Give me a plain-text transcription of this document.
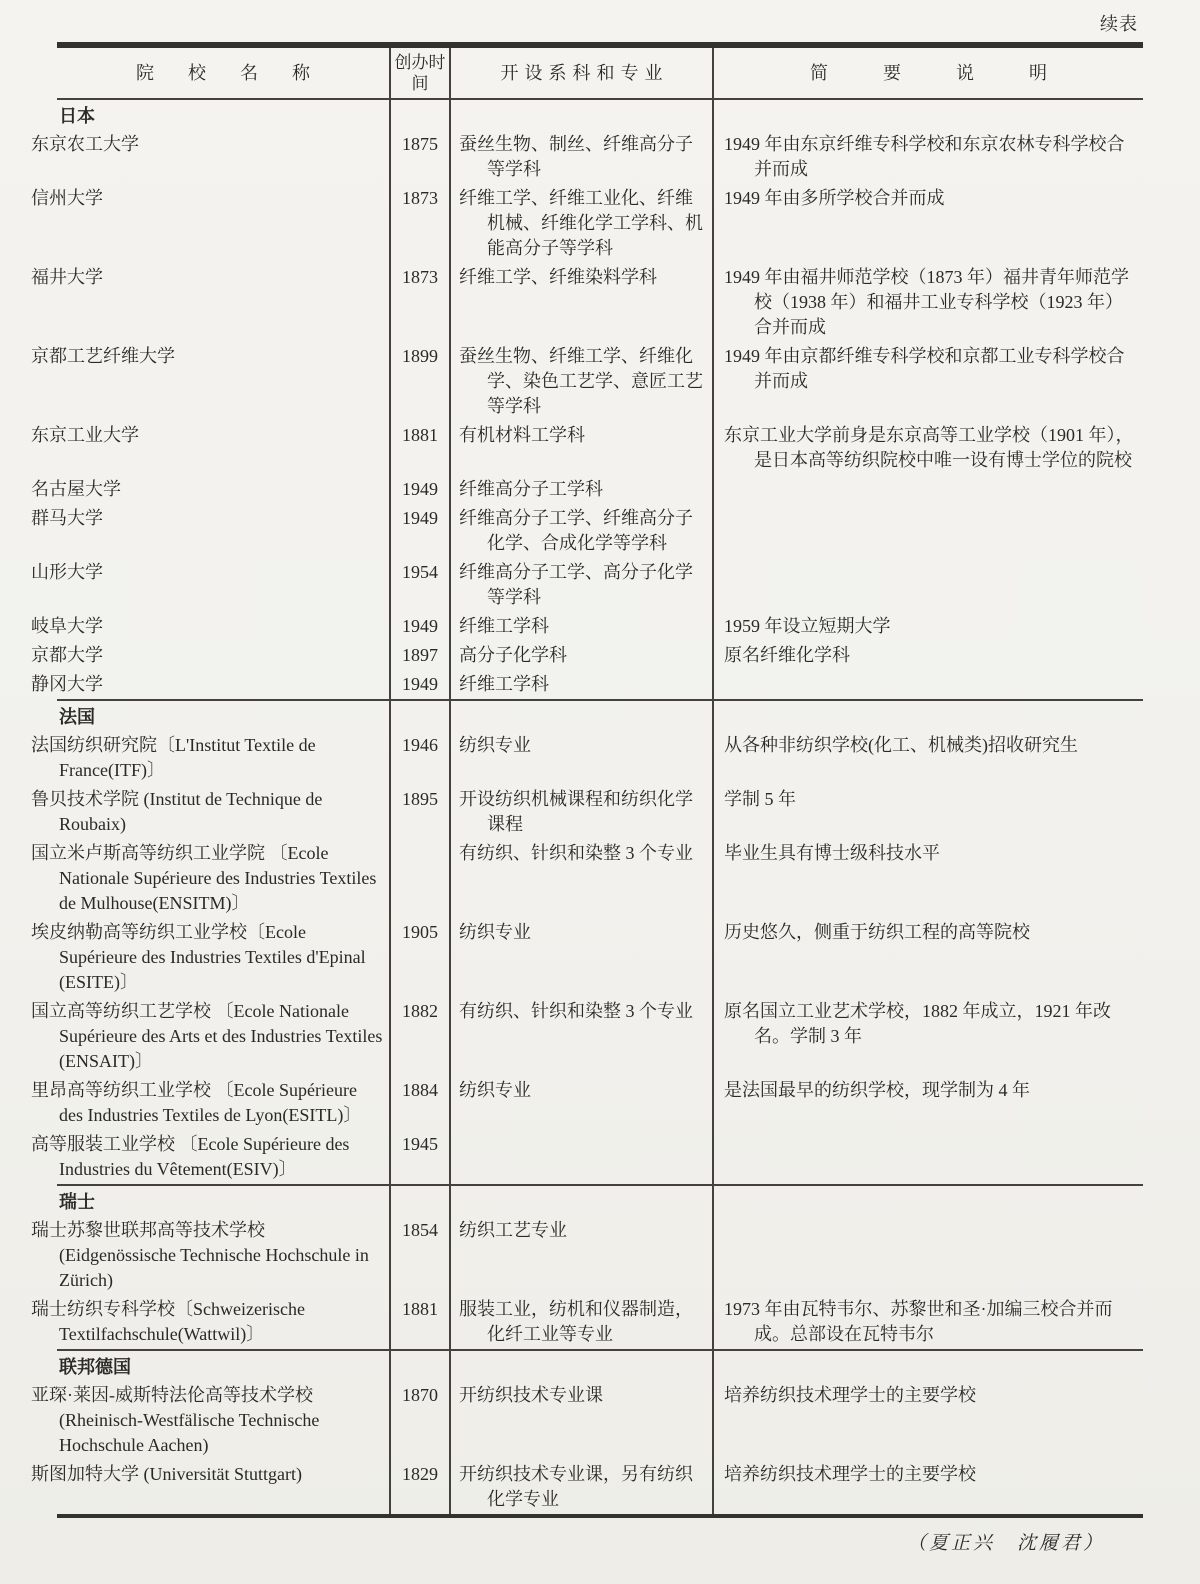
续表
院校名称	创办时间	开设系科和专业	简要说明
日本			
东京农工大学	1875	蚕丝生物、制丝、纤维高分子等学科	1949 年由东京纤维专科学校和东京农林专科学校合并而成
信州大学	1873	纤维工学、纤维工业化、纤维机械、纤维化学工学科、机能高分子等学科	1949 年由多所学校合并而成
福井大学	1873	纤维工学、纤维染料学科	1949 年由福井师范学校（1873 年）福井青年师范学校（1938 年）和福井工业专科学校（1923 年）合并而成
京都工艺纤维大学	1899	蚕丝生物、纤维工学、纤维化学、染色工艺学、意匠工艺等学科	1949 年由京都纤维专科学校和京都工业专科学校合并而成
东京工业大学	1881	有机材料工学科	东京工业大学前身是东京高等工业学校（1901 年），是日本高等纺织院校中唯一设有博士学位的院校
名古屋大学	1949	纤维高分子工学科	
群马大学	1949	纤维高分子工学、纤维高分子化学、合成化学等学科	
山形大学	1954	纤维高分子工学、高分子化学等学科	
岐阜大学	1949	纤维工学科	1959 年设立短期大学
京都大学	1897	高分子化学科	原名纤维化学科
静冈大学	1949	纤维工学科	
法国			
法国纺织研究院〔L'Institut Textile de France(ITF)〕	1946	纺织专业	从各种非纺织学校(化工、机械类)招收研究生
鲁贝技术学院 (Institut de Technique de Roubaix)	1895	开设纺织机械课程和纺织化学课程	学制 5 年
国立米卢斯高等纺织工业学院 〔Ecole Nationale Supérieure des Industries Textiles de Mulhouse(ENSITM)〕		有纺织、针织和染整 3 个专业	毕业生具有博士级科技水平
埃皮纳勒高等纺织工业学校〔Ecole Supérieure des Industries Textiles d'Epinal (ESITE)〕	1905	纺织专业	历史悠久，侧重于纺织工程的高等院校
国立高等纺织工艺学校 〔Ecole Nationale Supérieure des Arts et des Industries Textiles (ENSAIT)〕	1882	有纺织、针织和染整 3 个专业	原名国立工业艺术学校，1882 年成立，1921 年改名。学制 3 年
里昂高等纺织工业学校 〔Ecole Supérieure des Industries Textiles de Lyon(ESITL)〕	1884	纺织专业	是法国最早的纺织学校，现学制为 4 年
高等服装工业学校 〔Ecole Supérieure des Industries du Vêtement(ESIV)〕	1945		
瑞士			
瑞士苏黎世联邦高等技术学校 (Eidgenössische Technische Hochschule in Zürich)	1854	纺织工艺专业	
瑞士纺织专科学校〔Schweizerische Textilfachschule(Wattwil)〕	1881	服装工业，纺机和仪器制造，化纤工业等专业	1973 年由瓦特韦尔、苏黎世和圣·加编三校合并而成。总部设在瓦特韦尔
联邦德国			
亚琛·莱因-威斯特法伦高等技术学校 (Rheinisch-Westfälische Technische Hochschule Aachen)	1870	开纺织技术专业课	培养纺织技术理学士的主要学校
斯图加特大学 (Universität Stuttgart)	1829	开纺织技术专业课，另有纺织化学专业	培养纺织技术理学士的主要学校
（夏正兴　沈履君）
